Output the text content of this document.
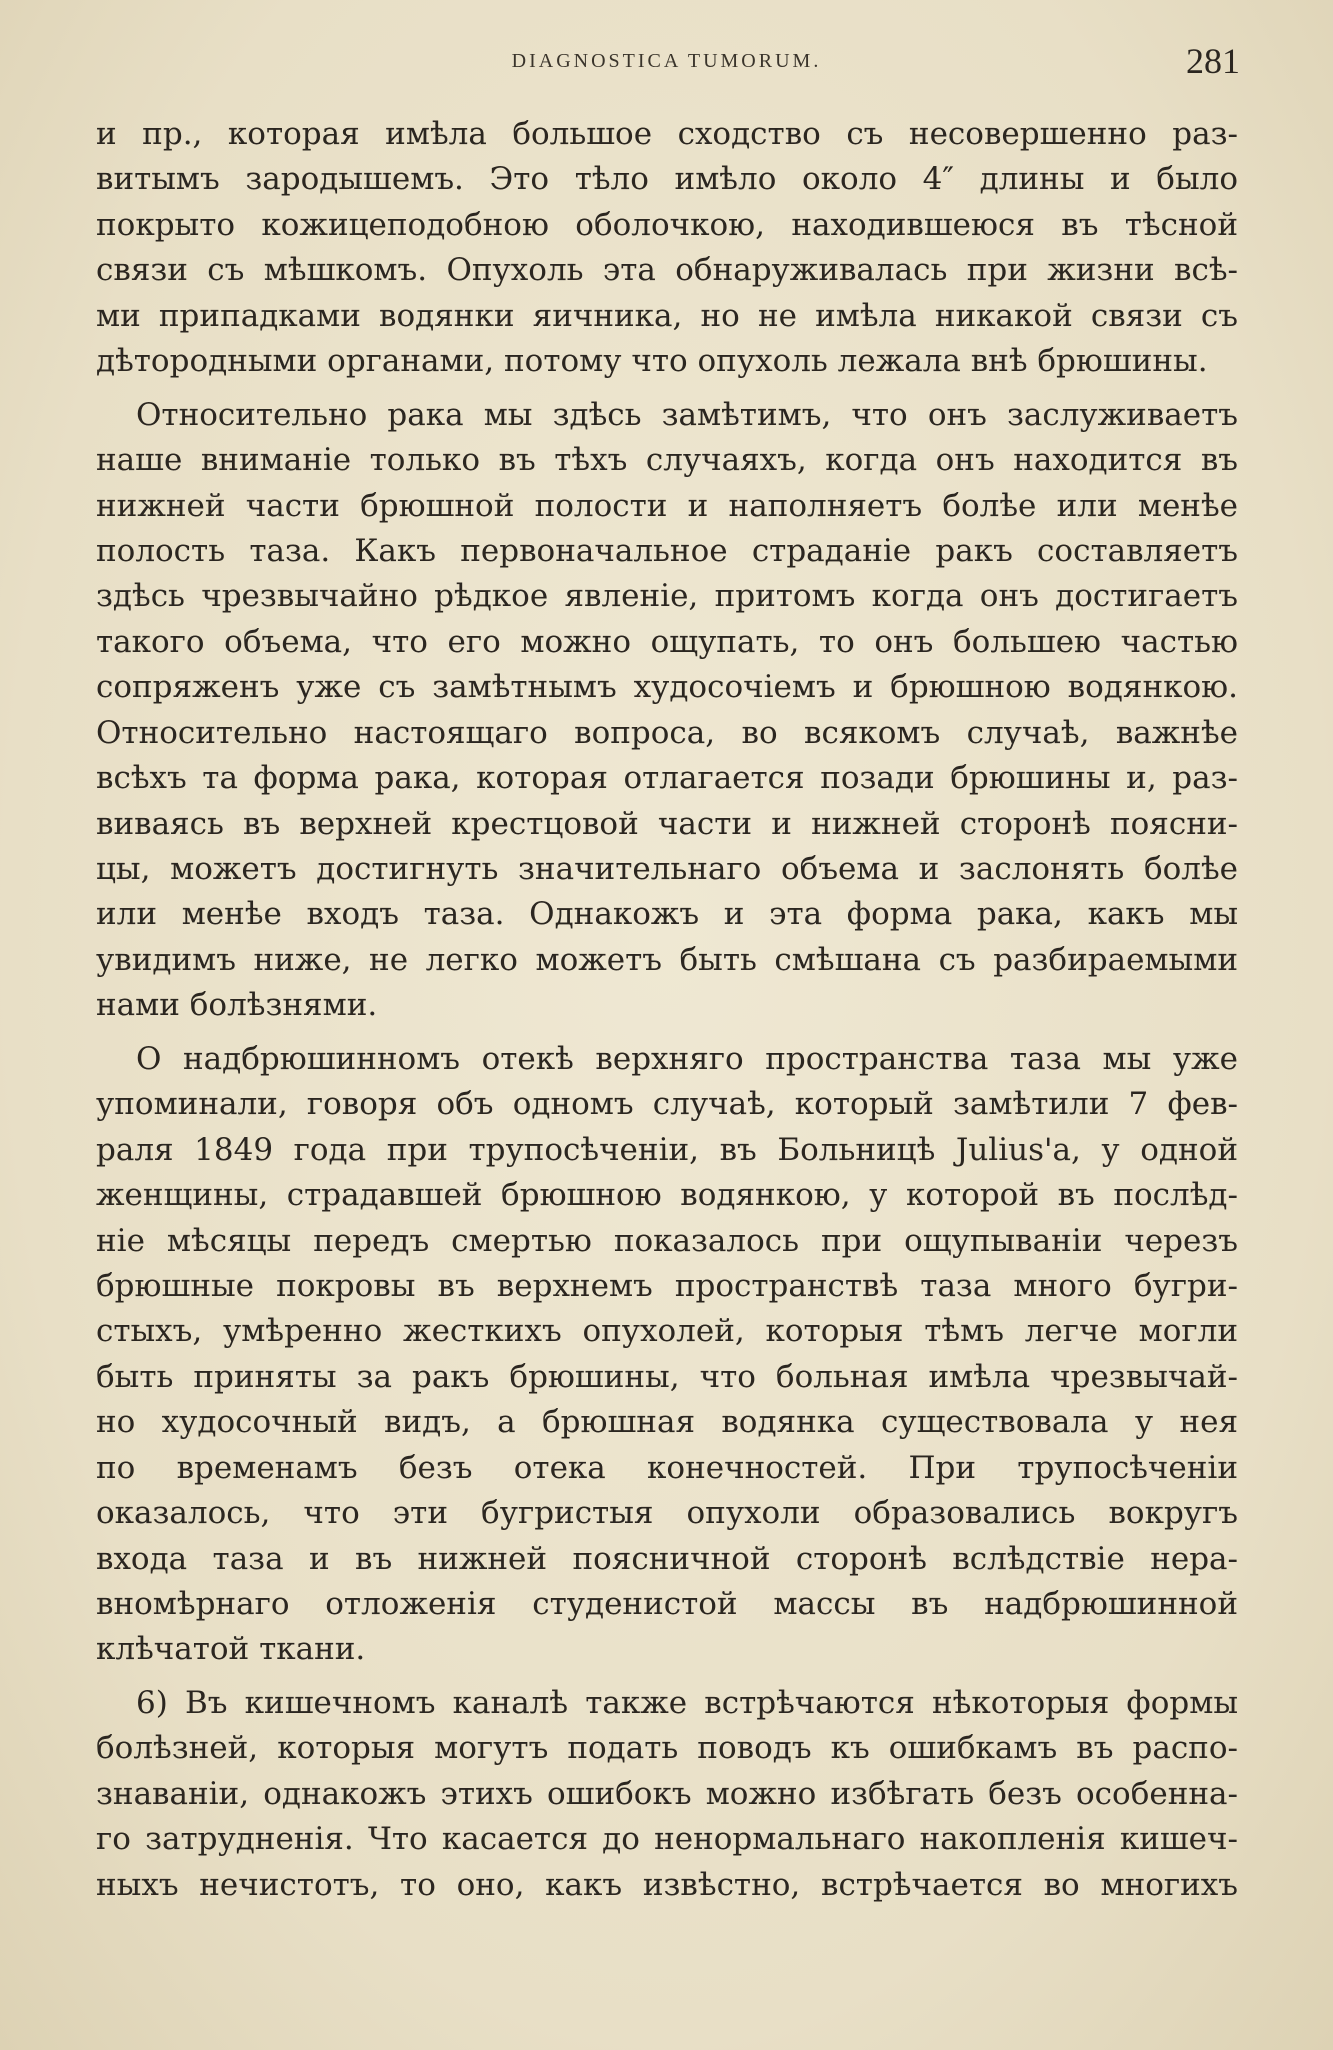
DIAGNOSTICA TUMORUM.	281
и пр., которая имѣла большое сходство съ несовершенно раз-
витымъ зародышемъ. Это тѣло имѣло около 4″ длины и было
покрыто кожицеподобною оболочкою, находившеюся въ тѣсной
связи съ мѣшкомъ. Опухоль эта обнаруживалась при жизни всѣ-
ми припадками водянки яичника, но не имѣла никакой связи съ
дѣторoдными органами, потому что опухоль лежала внѣ брюшины.
Относительно рака мы здѣсь замѣтимъ, что онъ заслуживаетъ
наше вниманіе только въ тѣхъ случаяхъ, когда онъ находится въ
нижней части брюшной полости и наполняетъ болѣе или менѣе
полость таза. Какъ первоначальное страданіе ракъ составляетъ
здѣсь чрезвычайно рѣдкое явленіе, притомъ когда онъ достигаетъ
такого объема, что его можно ощупать, то онъ большею частью
сопряженъ уже съ замѣтнымъ худосочіемъ и брюшною водянкою.
Относительно настоящаго вопроса, во всякомъ случаѣ, важнѣе
всѣхъ та форма рака, которая отлагается позади брюшины и, раз-
виваясь въ верхней крестцовой части и нижней сторонѣ поясни-
цы, можетъ достигнуть значительнаго объема и заслонять болѣе
или менѣе входъ таза. Однакожъ и эта форма рака, какъ мы
увидимъ ниже, не легко можетъ быть смѣшана съ разбираемыми
нами болѣзнями.
О надбрюшинномъ отекѣ верхняго пространства таза мы уже
упоминали, говоря объ одномъ случаѣ, который замѣтили 7 фев-
раля 1849 года при трупосѣченіи, въ Больницѣ Julius'a, у одной
женщины, страдавшей брюшною водянкою, у которой въ послѣд-
ніе мѣсяцы передъ смертью показалось при ощупываніи черезъ
брюшные покровы въ верхнемъ пространствѣ таза много бугри-
стыхъ, умѣренно жесткихъ опухолей, которыя тѣмъ легче могли
быть приняты за ракъ брюшины, что больная имѣла чрезвычай-
но худосочный видъ, а брюшная водянка существовала у нея
по временамъ безъ отека конечностей. При трупосѣченіи
оказалось, что эти бугристыя опухоли образовались вокругъ
входа таза и въ нижней поясничной сторонѣ вслѣдствіе нера-
вномѣрнаго отложенія студенистой массы въ надбрюшинной
клѣчатой ткани.
6) Въ кишечномъ каналѣ также встрѣчаются нѣкоторыя формы
болѣзней, которыя могутъ подать поводъ къ ошибкамъ въ распо-
знаваніи, однакожъ этихъ ошибокъ можно избѣгать безъ особенна-
го затрудненія. Что касается до ненормальнаго накопленія кишеч-
ныхъ нечистотъ, то оно, какъ извѣстно, встрѣчается во многихъ
